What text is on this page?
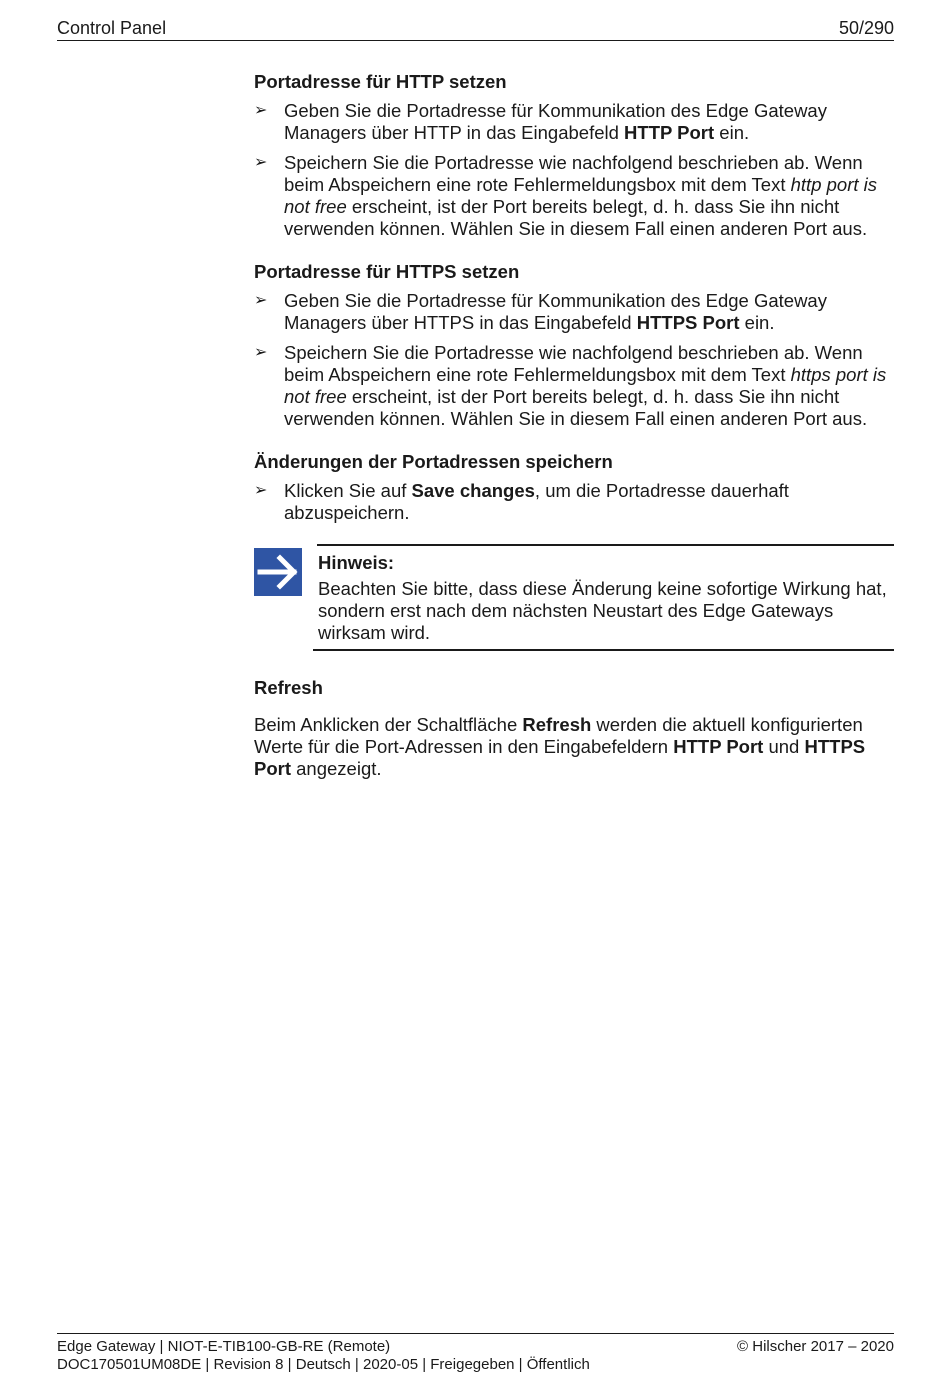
Control Panel	50/290
Portadresse für HTTP setzen
➢ Geben Sie die Portadresse für Kommunikation des Edge Gateway Managers über HTTP in das Eingabefeld HTTP Port ein.
➢ Speichern Sie die Portadresse wie nachfolgend beschrieben ab. Wenn beim Abspeichern eine rote Fehlermeldungsbox mit dem Text http port is not free erscheint, ist der Port bereits belegt, d. h. dass Sie ihn nicht verwenden können. Wählen Sie in diesem Fall einen anderen Port aus.
Portadresse für HTTPS setzen
➢ Geben Sie die Portadresse für Kommunikation des Edge Gateway Managers über HTTPS in das Eingabefeld HTTPS Port ein.
➢ Speichern Sie die Portadresse wie nachfolgend beschrieben ab. Wenn beim Abspeichern eine rote Fehlermeldungsbox mit dem Text https port is not free erscheint, ist der Port bereits belegt, d. h. dass Sie ihn nicht verwenden können. Wählen Sie in diesem Fall einen anderen Port aus.
Änderungen der Portadressen speichern
➢ Klicken Sie auf Save changes, um die Portadresse dauerhaft abzuspeichern.
Hinweis:
Beachten Sie bitte, dass diese Änderung keine sofortige Wirkung hat, sondern erst nach dem nächsten Neustart des Edge Gateways wirksam wird.
Refresh

Beim Anklicken der Schaltfläche Refresh werden die aktuell konfigurierten Werte für die Port-Adressen in den Eingabefeldern HTTP Port und HTTPS Port angezeigt.

Edge Gateway | NIOT-E-TIB100-GB-RE (Remote)
DOC170501UM08DE | Revision 8 | Deutsch | 2020-05 | Freigegeben | Öffentlich
© Hilscher 2017 – 2020
